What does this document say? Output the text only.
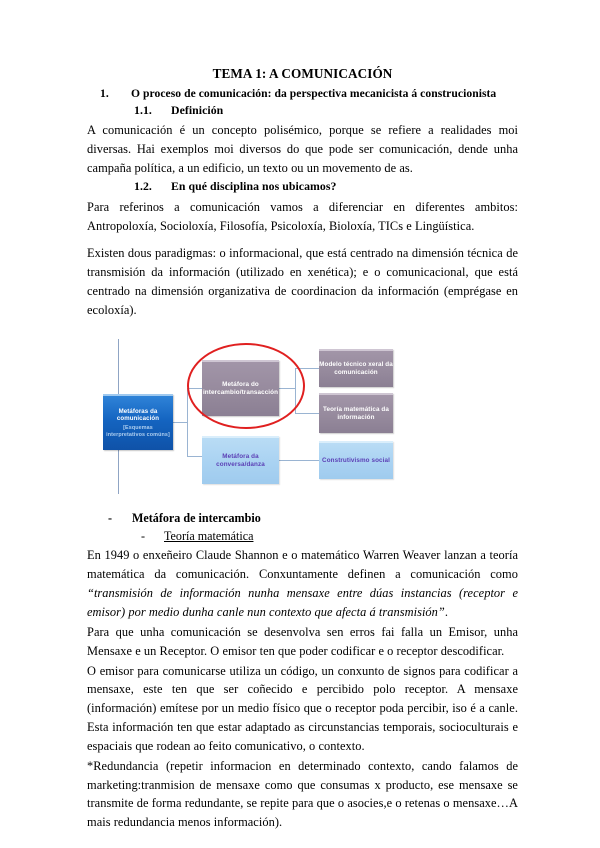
TEMA 1: A COMUNICACIÓN
1. O proceso de comunicación: da perspectiva mecanicista á construcionista
1.1. Definición

A comunicación é un concepto polisémico, porque se refiere a realidades moi diversas. Hai exemplos moi diversos do que pode ser comunicación, dende unha campaña política, a un edificio, un texto ou un movemento de as.

1.2. En qué disciplina nos ubicamos?

Para referinos a comunicación vamos a diferenciar en diferentes ambitos: Antropoloxía, Socioloxía, Filosofía, Psicoloxía, Bioloxía, TICs e Lingüística.

Existen dous paradigmas: o informacional, que está centrado na dimensión técnica de transmisión da información (utilizado en xenética); e o comunicacional, que está centrado na dimensión organizativa de coordinacion da información (emprégase en ecoloxía).

Metáforas da comunicación
[Esquemas interpretativos comúns]
Metáfora do intercambio/transacción
Modelo técnico xeral da comunicación
Teoría matemática da información
Metáfora da conversa/danza
Construtivismo social
- Metáfora de intercambio
- Teoría matemática

En 1949 o enxeñeiro Claude Shannon e o matemático Warren Weaver lanzan a teoría matemática da comunicación. Conxuntamente definen a comunicación como “transmisión de información nunha mensaxe entre dúas instancias (receptor e emisor) por medio dunha canle nun contexto que afecta á transmisión”.

Para que unha comunicación se desenvolva sen erros fai falla un Emisor, unha Mensaxe e un Receptor. O emisor ten que poder codificar e o receptor descodificar.

O emisor para comunicarse utiliza un código, un conxunto de signos para codificar a mensaxe, este ten que ser coñecido e percibido polo receptor. A mensaxe (información) emítese por un medio físico que o receptor poda percibir, iso é a canle. Esta información ten que estar adaptado as circunstancias temporais, socioculturais e espaciais que rodean ao feito comunicativo, o contexto.

*Redundancia (repetir informacion en determinado contexto, cando falamos de marketing:tranmision de mensaxe como que consumas x producto, ese mensaxe se transmite de forma redundante, se repite para que o asocies,e o retenas o mensaxe…A mais redundancia menos información).
